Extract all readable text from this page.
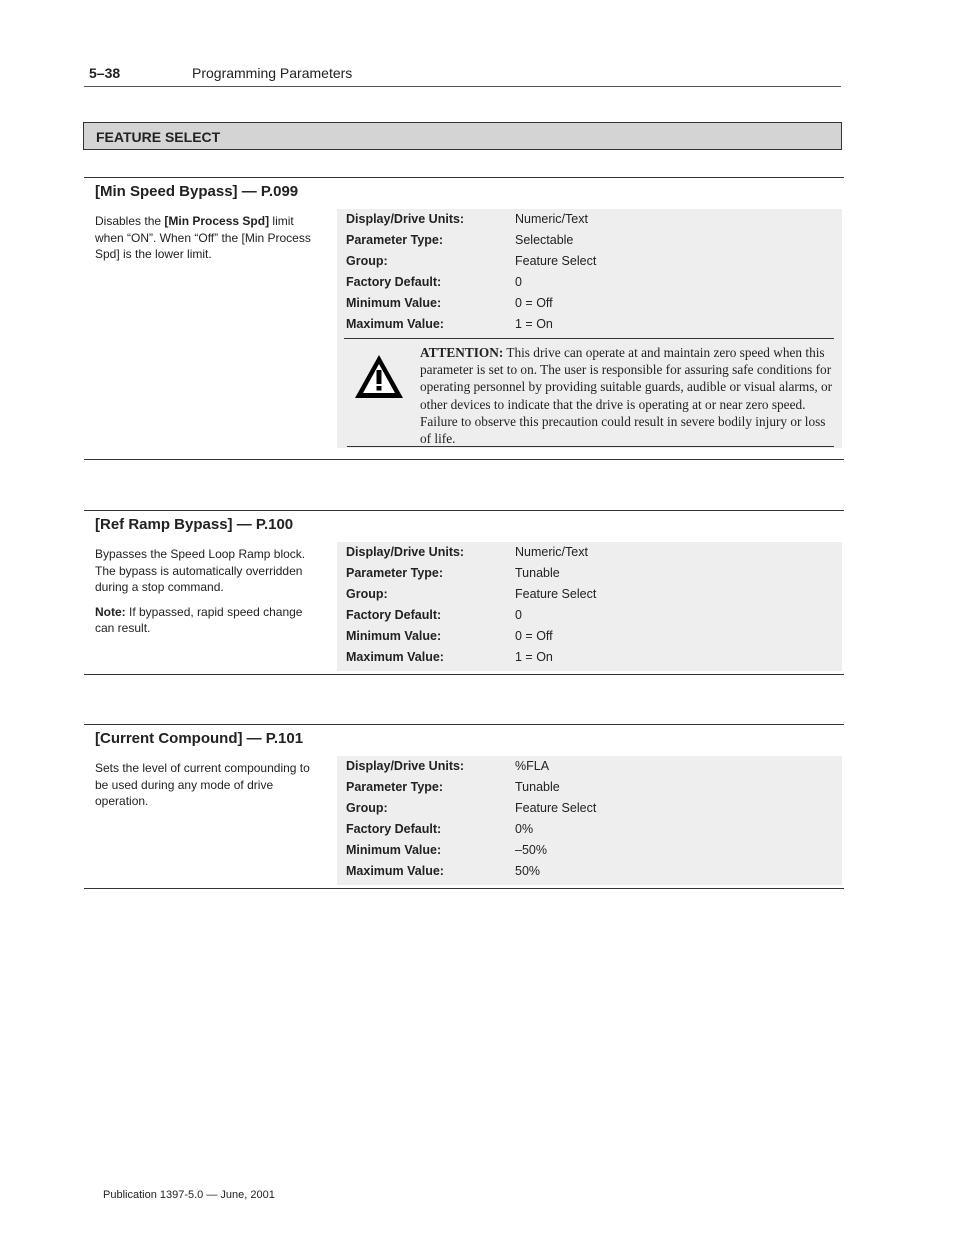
5–38	Programming Parameters
FEATURE SELECT
[Min Speed Bypass] — P.099

Disables the [Min Process Spd] limit when “ON”. When “Off” the [Min Process Spd] is the lower limit.

Display/Drive Units:	Numeric/Text
Parameter Type:	Selectable
Group:	Feature Select
Factory Default:	0
Minimum Value:	0 = Off
Maximum Value:	1 = On
ATTENTION: This drive can operate at and maintain zero speed when this parameter is set to on. The user is responsible for assuring safe conditions for operating personnel by providing suitable guards, audible or visual alarms, or other devices to indicate that the drive is operating at or near zero speed. Failure to observe this precaution could result in severe bodily injury or loss of life.
[Ref Ramp Bypass] — P.100

Bypasses the Speed Loop Ramp block. The bypass is automatically overridden during a stop command.

Note: If bypassed, rapid speed change can result.

Display/Drive Units:	Numeric/Text
Parameter Type:	Tunable
Group:	Feature Select
Factory Default:	0
Minimum Value:	0 = Off
Maximum Value:	1 = On
[Current Compound] — P.101

Sets the level of current compounding to be used during any mode of drive operation.

Display/Drive Units:	%FLA
Parameter Type:	Tunable
Group:	Feature Select
Factory Default:	0%
Minimum Value:	–50%
Maximum Value:	50%
Publication 1397-5.0 — June, 2001
